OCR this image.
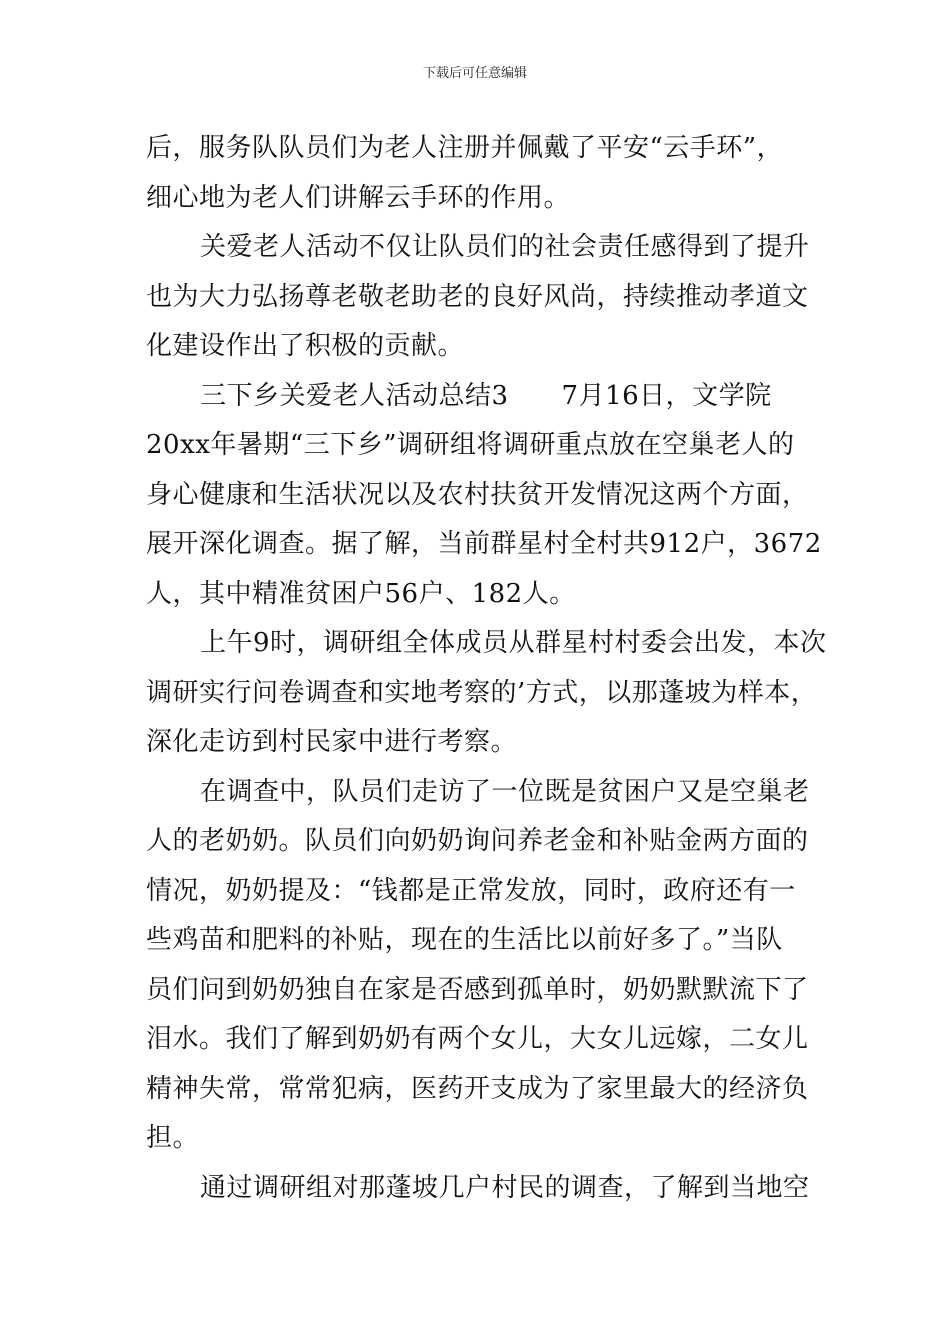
下载后可任意编辑
后，服务队队员们为老人注册并佩戴了平安“云手环”，
细心地为老人们讲解云手环的作用。
关爱老人活动不仅让队员们的社会责任感得到了提升
也为大力弘扬尊老敬老助老的良好风尚，持续推动孝道文
化建设作出了积极的贡献。
三下乡关爱老人活动总结3　　7月16日，文学院
20xx年暑期“三下乡”调研组将调研重点放在空巢老人的
身心健康和生活状况以及农村扶贫开发情况这两个方面，
展开深化调查。据了解，当前群星村全村共912户，3672
人，其中精准贫困户56户、182人。
上午9时，调研组全体成员从群星村村委会出发，本次
调研实行问卷调查和实地考察的’方式，以那蓬坡为样本，
深化走访到村民家中进行考察。
在调查中，队员们走访了一位既是贫困户又是空巢老
人的老奶奶。队员们向奶奶询问养老金和补贴金两方面的
情况，奶奶提及：“钱都是正常发放，同时，政府还有一
些鸡苗和肥料的补贴，现在的生活比以前好多了。”当队
员们问到奶奶独自在家是否感到孤单时，奶奶默默流下了
泪水。我们了解到奶奶有两个女儿，大女儿远嫁，二女儿
精神失常，常常犯病，医药开支成为了家里最大的经济负
担。
通过调研组对那蓬坡几户村民的调查，了解到当地空
